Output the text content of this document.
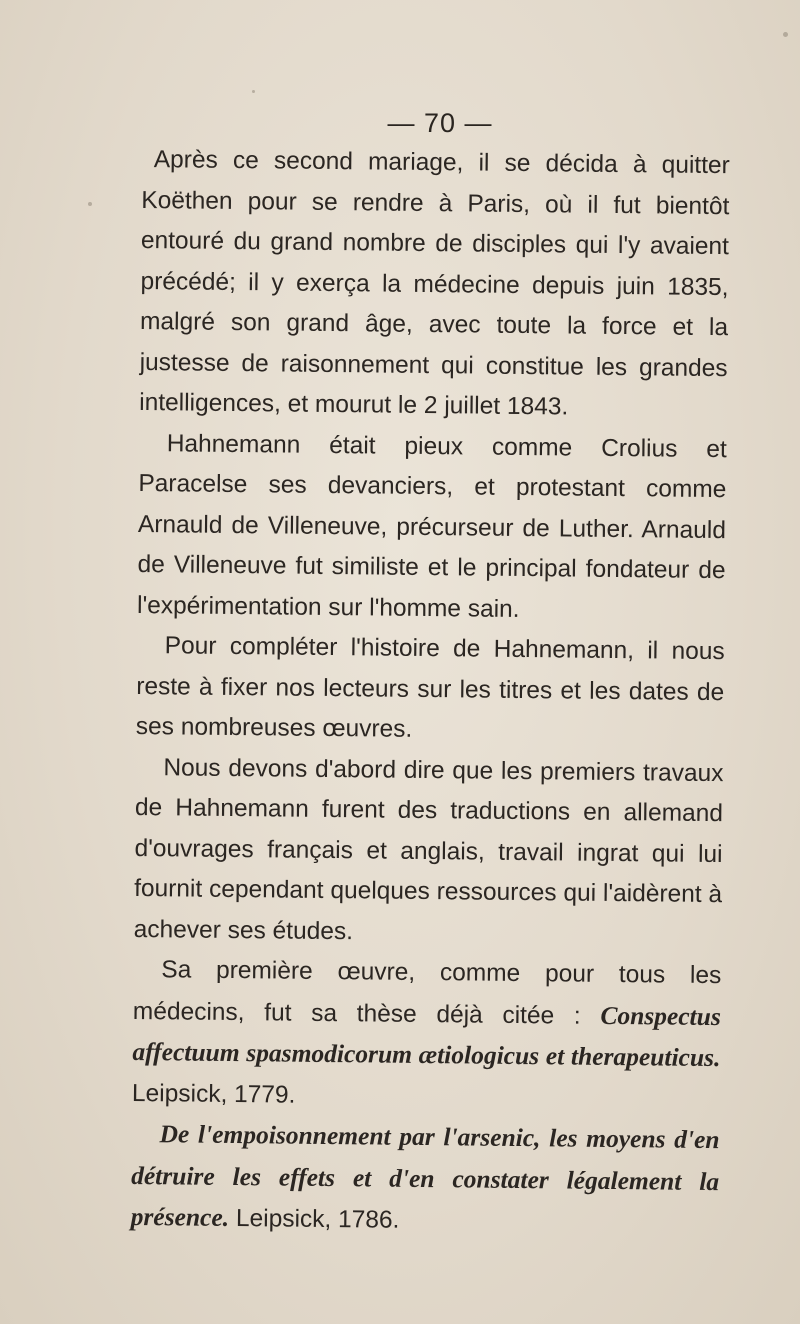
— 70 —

Après ce second mariage, il se décida à quitter Koëthen pour se rendre à Paris, où il fut bientôt entouré du grand nombre de disciples qui l'y avaient précédé; il y exerça la médecine depuis juin 1835, malgré son grand âge, avec toute la force et la justesse de raisonnement qui constitue les grandes intelligences, et mourut le 2 juillet 1843.

Hahnemann était pieux comme Crolius et Paracelse ses devanciers, et protestant comme Arnauld de Villeneuve, précurseur de Luther. Arnauld de Villeneuve fut similiste et le principal fondateur de l'expérimentation sur l'homme sain.

Pour compléter l'histoire de Hahnemann, il nous reste à fixer nos lecteurs sur les titres et les dates de ses nombreuses œuvres.

Nous devons d'abord dire que les premiers travaux de Hahnemann furent des traductions en allemand d'ouvrages français et anglais, travail ingrat qui lui fournit cependant quelques ressources qui l'aidèrent à achever ses études.

Sa première œuvre, comme pour tous les médecins, fut sa thèse déjà citée : Conspectus affectuum spasmodicorum ætiologicus et therapeuticus. Leipsick, 1779.

De l'empoisonnement par l'arsenic, les moyens d'en détruire les effets et d'en constater légalement la présence. Leipsick, 1786.
